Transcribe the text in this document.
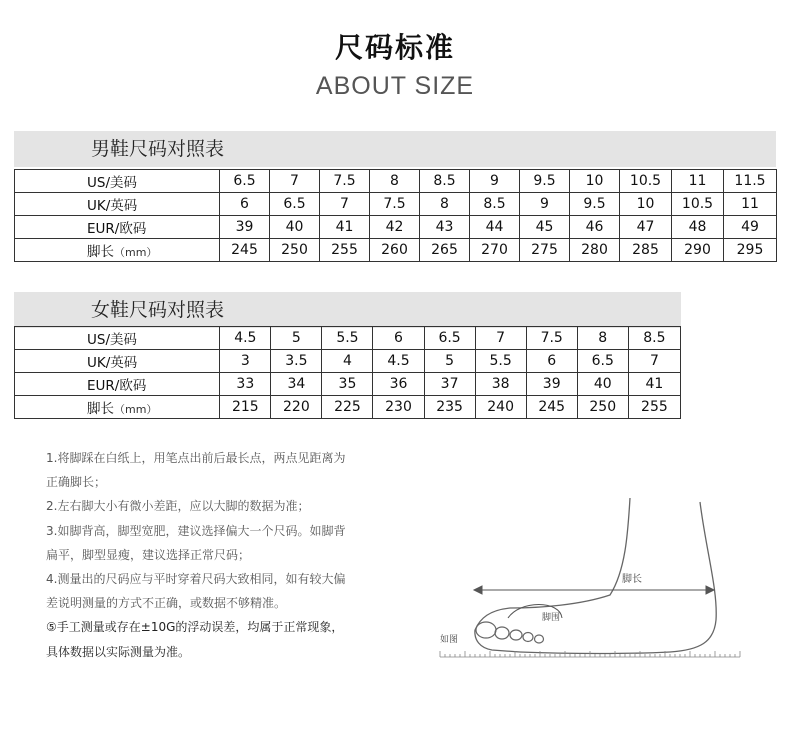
尺码标准
ABOUT SIZE
男鞋尺码对照表
US/美码	6.5	7	7.5	8	8.5	9	9.5	10	10.5	11	11.5
UK/英码	6	6.5	7	7.5	8	8.5	9	9.5	10	10.5	11
EUR/欧码	39	40	41	42	43	44	45	46	47	48	49
脚长（mm）	245	250	255	260	265	270	275	280	285	290	295
女鞋尺码对照表
US/美码	4.5	5	5.5	6	6.5	7	7.5	8	8.5
UK/英码	3	3.5	4	4.5	5	5.5	6	6.5	7
EUR/欧码	33	34	35	36	37	38	39	40	41
脚长（mm）	215	220	225	230	235	240	245	250	255

1.将脚踩在白纸上，用笔点出前后最长点，两点见距离为

正确脚长；

2.左右脚大小有微小差距，应以大脚的数据为准；

3.如脚背高，脚型宽肥，建议选择偏大一个尺码。如脚背

扁平，脚型显瘦，建议选择正常尺码；

4.测量出的尺码应与平时穿着尺码大致相同，如有较大偏

差说明测量的方式不正确，或数据不够精准。

⑤手工测量或存在±10G的浮动误差，均属于正常现象，

具体数据以实际测量为准。

脚长
脚围
如图
